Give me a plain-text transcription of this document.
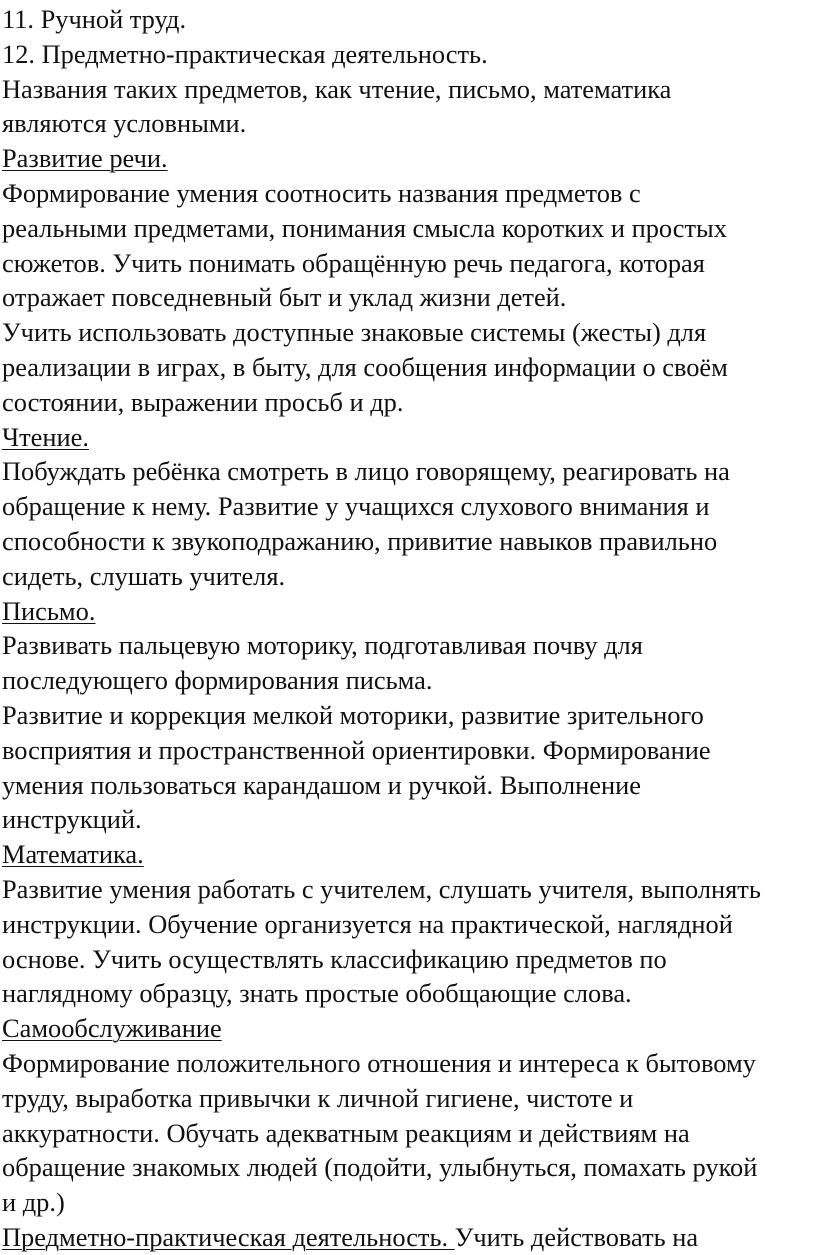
11. Ручной труд.
12. Предметно-практическая деятельность.
Названия таких предметов, как чтение, письмо, математика
являются условными.
Развитие речи.
Формирование умения соотносить названия предметов с
реальными предметами, понимания смысла коротких и простых
сюжетов. Учить понимать обращённую речь педагога, которая
отражает повседневный быт и уклад жизни детей.
Учить использовать доступные знаковые системы (жесты) для
реализации в играх, в быту, для сообщения информации о своём
состоянии, выражении просьб и др.
Чтение.
Побуждать ребёнка смотреть в лицо говорящему, реагировать на
обращение к нему. Развитие у учащихся слухового внимания и
способности к звукоподражанию, привитие навыков правильно
сидеть, слушать учителя.
Письмо.
Развивать пальцевую моторику, подготавливая почву для
последующего формирования письма.
Развитие и коррекция мелкой моторики, развитие зрительного
восприятия и пространственной ориентировки. Формирование
умения пользоваться карандашом и ручкой. Выполнение
инструкций.
Математика.
Развитие умения работать с учителем, слушать учителя, выполнять
инструкции. Обучение организуется на практической, наглядной
основе. Учить осуществлять классификацию предметов по
наглядному образцу, знать простые обобщающие слова.
Самообслуживание
Формирование положительного отношения и интереса к бытовому
труду, выработка привычки к личной гигиене, чистоте и
аккуратности. Обучать адекватным реакциям и действиям на
обращение знакомых людей (подойти, улыбнуться, помахать рукой
и др.)
Предметно-практическая деятельность. Учить действовать на
